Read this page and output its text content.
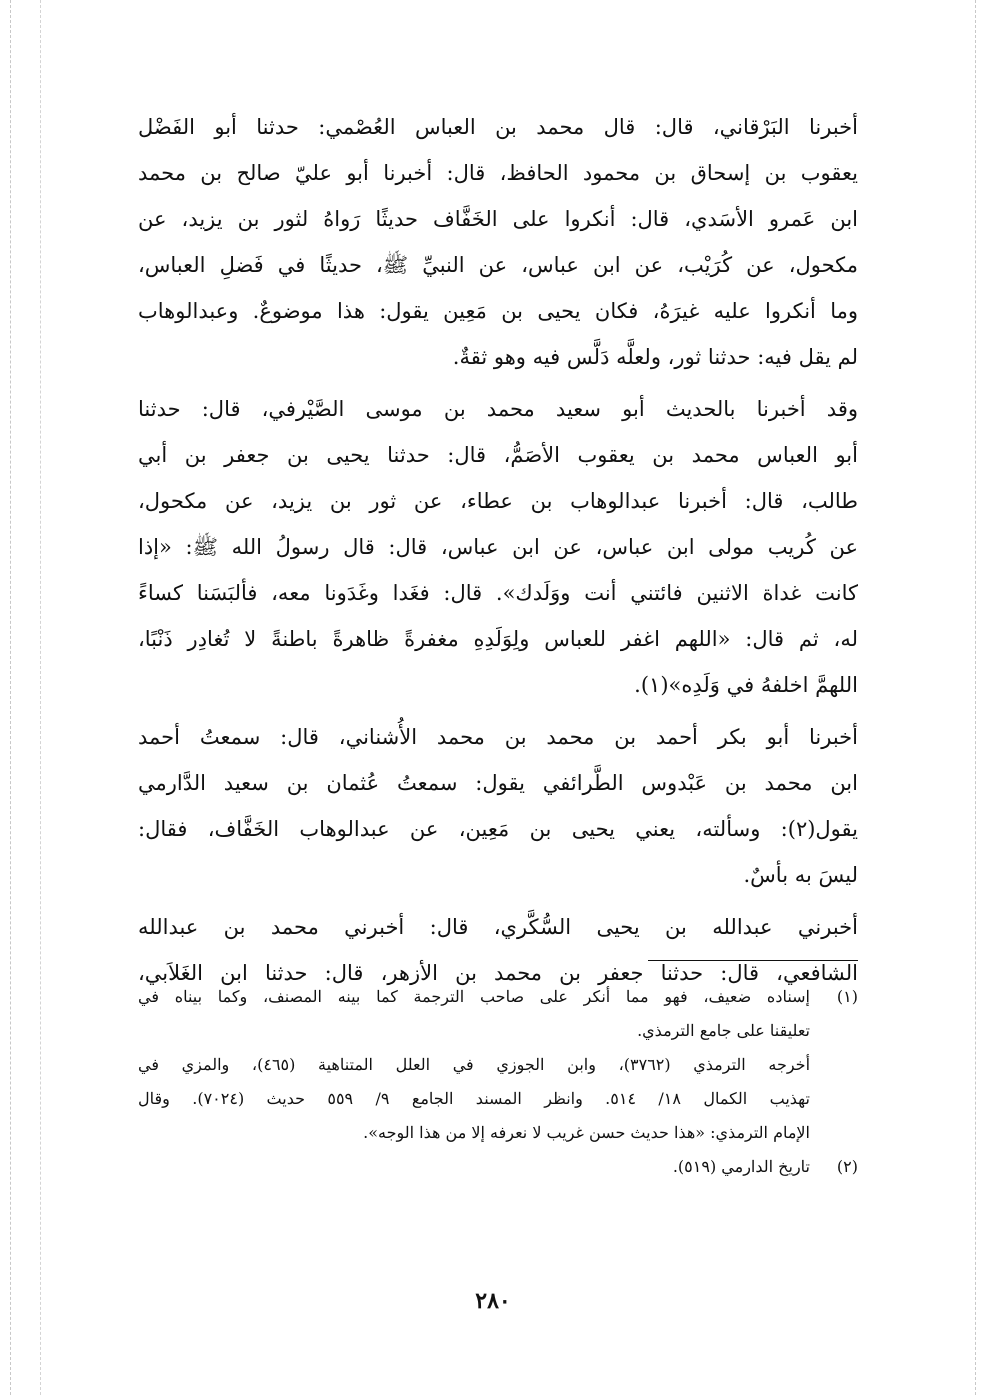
أخبرنا البَرْقاني، قال: قال محمد بن العباس العُصْمي: حدثنا أبو الفَضْل
يعقوب بن إسحاق بن محمود الحافظ، قال: أخبرنا أبو عليّ صالح بن محمد
ابن عَمرو الأسَدي، قال: أنكروا على الخَفَّاف حديثًا رَواهُ لثور بن يزيد، عن
مكحول، عن كُرَيْب، عن ابن عباس، عن النبيِّ ﷺ، حديثًا في فَضلِ العباس،
وما أنكروا عليه غيرَهُ، فكان يحيى بن مَعِين يقول: هذا موضوعٌ. وعبدالوهاب
لم يقل فيه: حدثنا ثور، ولعلَّه دَلَّس فيه وهو ثقةٌ.
وقد أخبرنا بالحديث أبو سعيد محمد بن موسى الصَّيْرفي، قال: حدثنا
أبو العباس محمد بن يعقوب الأصَمُّ، قال: حدثنا يحيى بن جعفر بن أبي
طالب، قال: أخبرنا عبدالوهاب بن عطاء، عن ثور بن يزيد، عن مكحول،
عن كُريب مولى ابن عباس، عن ابن عباس، قال: قال رسولُ الله ﷺ: «إذا
كانت غداة الاثنين فائتني أنت ووَلَدك». قال: فغَدا وغَدَونا معه، فألبَسَنا كساءً
له، ثم قال: «اللهم اغفر للعباس ولِوَلَدِهِ مغفرةً ظاهرةً باطنةً لا تُغادِر ذَنْبًا،
اللهمَّ اخلفهُ في وَلَدِه»(١).
أخبرنا أبو بكر أحمد بن محمد بن محمد الأُشناني، قال: سمعتُ أحمد
ابن محمد بن عَبْدوس الطَّرائفي يقول: سمعتُ عُثمان بن سعيد الدَّارمي
يقول(٢): وسألته، يعني يحيى بن مَعِين، عن عبدالوهاب الخَفَّاف، فقال:
ليسَ به بأسٌ.
أخبرني عبدالله بن يحيى السُّكَّري، قال: أخبرني محمد بن عبدالله
الشافعي، قال: حدثنا جعفر بن محمد بن الأزهر، قال: حدثنا ابن الغَلاَبي،
(١)
إسناده ضعيف، فهو مما أنكر على صاحب الترجمة كما بينه المصنف، وكما بيناه في
تعليقنا على جامع الترمذي.
أخرجه الترمذي (٣٧٦٢)، وابن الجوزي في العلل المتناهية (٤٦٥)، والمزي في
تهذيب الكمال ١٨/ ٥١٤. وانظر المسند الجامع ٩/ ٥٥٩ حديث (٧٠٢٤). وقال
الإمام الترمذي: «هذا حديث حسن غريب لا نعرفه إلا من هذا الوجه».
(٢)
تاريخ الدارمي (٥١٩).
٢٨٠
